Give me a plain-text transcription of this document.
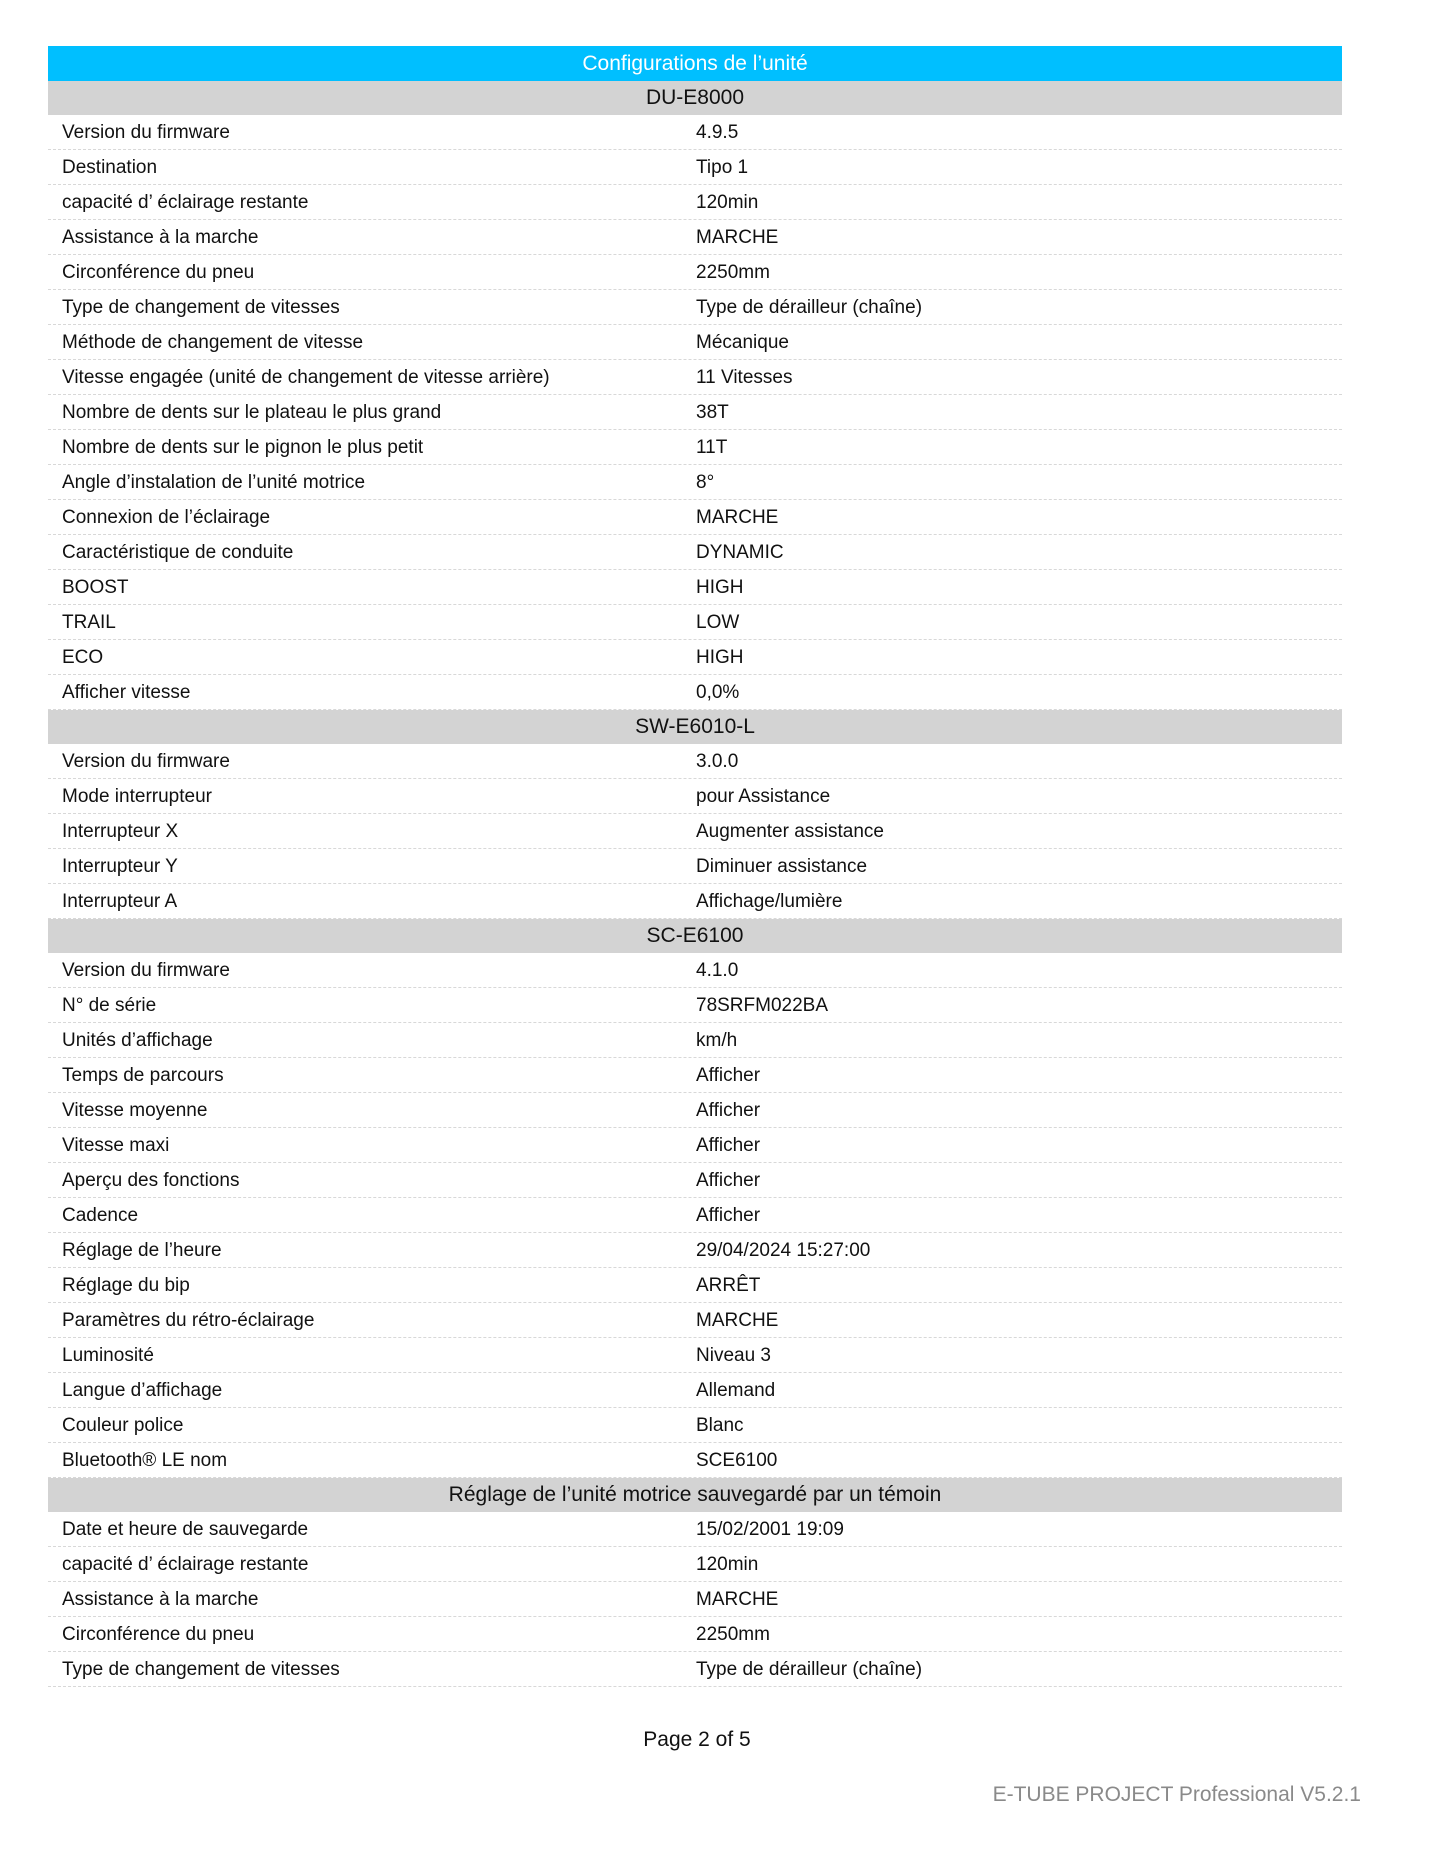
Configurations de l’unité
DU-E8000
Version du firmware	4.9.5
Destination	Tipo 1
capacité d’ éclairage restante	120min
Assistance à la marche	MARCHE
Circonférence du pneu	2250mm
Type de changement de vitesses	Type de dérailleur (chaîne)
Méthode de changement de vitesse	Mécanique
Vitesse engagée (unité de changement de vitesse arrière)	11 Vitesses
Nombre de dents sur le plateau le plus grand	38T
Nombre de dents sur le pignon le plus petit	11T
Angle d’instalation de l’unité motrice	8°
Connexion de l’éclairage	MARCHE
Caractéristique de conduite	DYNAMIC
BOOST	HIGH
TRAIL	LOW
ECO	HIGH
Afficher vitesse	0,0%
SW-E6010-L
Version du firmware	3.0.0
Mode interrupteur	pour Assistance
Interrupteur X	Augmenter assistance
Interrupteur Y	Diminuer assistance
Interrupteur A	Affichage/lumière
SC-E6100
Version du firmware	4.1.0
N° de série	78SRFM022BA
Unités d’affichage	km/h
Temps de parcours	Afficher
Vitesse moyenne	Afficher
Vitesse maxi	Afficher
Aperçu des fonctions	Afficher
Cadence	Afficher
Réglage de l’heure	29/04/2024 15:27:00
Réglage du bip	ARRÊT
Paramètres du rétro-éclairage	MARCHE
Luminosité	Niveau 3
Langue d’affichage	Allemand
Couleur police	Blanc
Bluetooth® LE nom	SCE6100
Réglage de l’unité motrice sauvegardé par un témoin
Date et heure de sauvegarde	15/02/2001 19:09
capacité d’ éclairage restante	120min
Assistance à la marche	MARCHE
Circonférence du pneu	2250mm
Type de changement de vitesses	Type de dérailleur (chaîne)
Page 2 of 5
E-TUBE PROJECT Professional V5.2.1
